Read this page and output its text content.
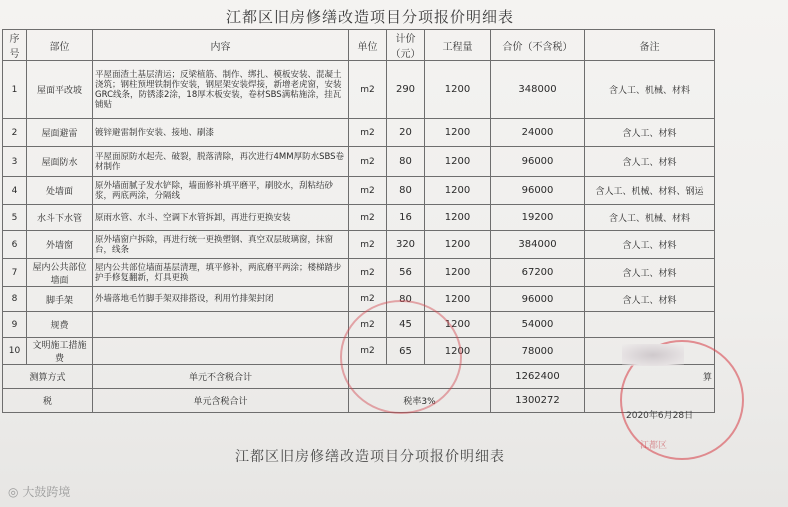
江都区旧房修缮改造项目分项报价明细表
序号	部位	内容	单位	计价（元）	工程量	合价（不含税）	备注
1	屋面平改坡	平屋面渣土基层清运；反梁植筋、制作、绑扎、模板安装、混凝土浇筑；钢柱预埋铁制作安装，钢屋架安装焊接，新增老虎窗，安装GRC线条，防锈漆2涂，18厚木板安装，卷材SBS满粘施涂，挂瓦铺贴	m2	290	1200	348000	含人工、机械、材料
2	屋面避雷	镀锌避雷制作安装、接地、刷漆	m2	20	1200	24000	含人工、材料
3	屋面防水	平屋面原防水起壳、破裂，脱落清除，再次进行4MM厚防水SBS卷材制作	m2	80	1200	96000	含人工、材料
4	处墙面	原外墙面腻子发水铲除，墙面修补填平磨平，刷胶水，刮粘结砂浆，两底两涂，分隔线	m2	80	1200	96000	含人工、机械、材料、钢运
5	水斗下水管	原雨水管、水斗、空调下水管拆卸，再进行更换安装	m2	16	1200	19200	含人工、机械、材料
6	外墙窗	原外墙窗户拆除，再进行统一更换塑钢、真空双层玻璃窗，抹窗台，线条	m2	320	1200	384000	含人工、材料
7	屋内公共部位墙面	屋内公共部位墙面基层清理，填平修补，两底磨平两涂；楼梯踏步护手修复翻新，灯具更换	m2	56	1200	67200	含人工、材料
8	脚手架	外墙落地毛竹脚手架双排搭设，利用竹排架封闭	m2	80	1200	96000	含人工、材料
9	规费		m2	45	1200	54000	
10	文明施工措施费		m2	65	1200	78000	
测算方式		单元不含税合计				1262400	算
税		单元含税合计	税率3%			1300272	
江都区
2020年6月28日
江都区旧房修缮改造项目分项报价明细表
◎ 大鼓跨境
